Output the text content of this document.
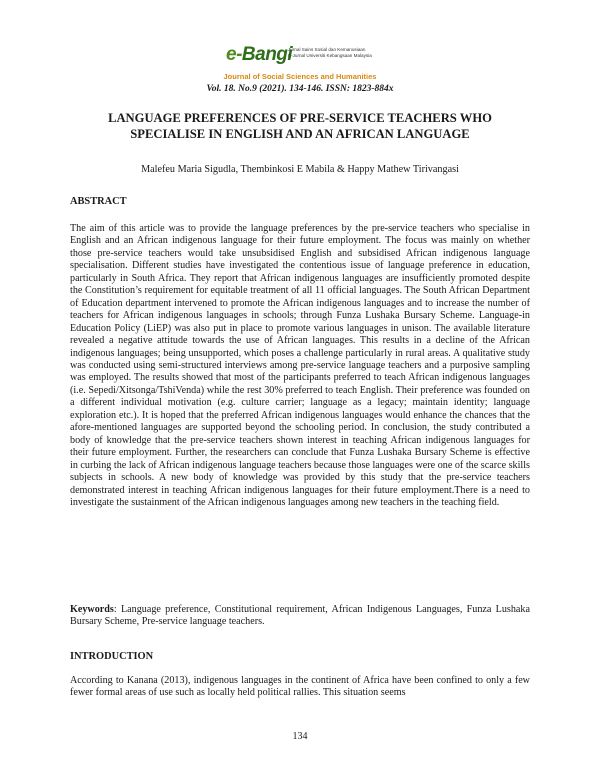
e-Bangi
Jurnal Sains Sosial dan Kemanusiaan
E-Jurnal Universiti Kebangsaan Malaysia
Journal of Social Sciences and Humanities
Vol. 18. No.9 (2021). 134-146. ISSN: 1823-884x
LANGUAGE PREFERENCES OF PRE-SERVICE TEACHERS WHO
SPECIALISE IN ENGLISH AND AN AFRICAN LANGUAGE
Malefeu Maria Sigudla, Thembinkosi E Mabila & Happy Mathew Tirivangasi
ABSTRACT
The aim of this article was to provide the language preferences by the pre-service teachers who specialise in English and an African indigenous language for their future employment. The focus was mainly on whether those pre-service teachers would take unsubsidised English and subsidised African indigenous language specialisation. Different studies have investigated the contentious issue of language preference in education, particularly in South Africa. They report that African indigenous languages are insufficiently promoted despite the Constitution’s requirement for equitable treatment of all 11 official languages. The South African Department of Education department intervened to promote the African indigenous languages and to increase the number of teachers for African indigenous languages in schools; through Funza Lushaka Bursary Scheme. Language-in Education Policy (LiEP) was also put in place to promote various languages in unison. The available literature revealed a negative attitude towards the use of African languages. This results in a decline of the African indigenous languages; being unsupported, which poses a challenge particularly in rural areas. A qualitative study was conducted using semi-structured interviews among pre-service language teachers and a purposive sampling was employed. The results showed that most of the participants preferred to teach African indigenous languages (i.e. Sepedi/Xitsonga/TshiVenda) while the rest 30% preferred to teach English. Their preference was founded on a different individual motivation (e.g. culture carrier; language as a legacy; maintain identity; language exploration etc.). It is hoped that the preferred African indigenous languages would enhance the chances that the afore-mentioned languages are supported beyond the schooling period. In conclusion, the study contributed a body of knowledge that the pre-service teachers shown interest in teaching African indigenous languages for their future employment. Further, the researchers can conclude that Funza Lushaka Bursary Scheme is effective in curbing the lack of African indigenous language teachers because those languages were one of the scarce skills subjects in schools. A new body of knowledge was provided by this study that the pre-service teachers demonstrated interest in teaching African indigenous languages for their future employment.There is a need to investigate the sustainment of the African indigenous languages among new teachers in the teaching field.
Keywords: Language preference, Constitutional requirement, African Indigenous Languages, Funza Lushaka Bursary Scheme, Pre-service language teachers.
INTRODUCTION
According to Kanana (2013), indigenous languages in the continent of Africa have been confined to only a few fewer formal areas of use such as locally held political rallies. This situation seems
134
